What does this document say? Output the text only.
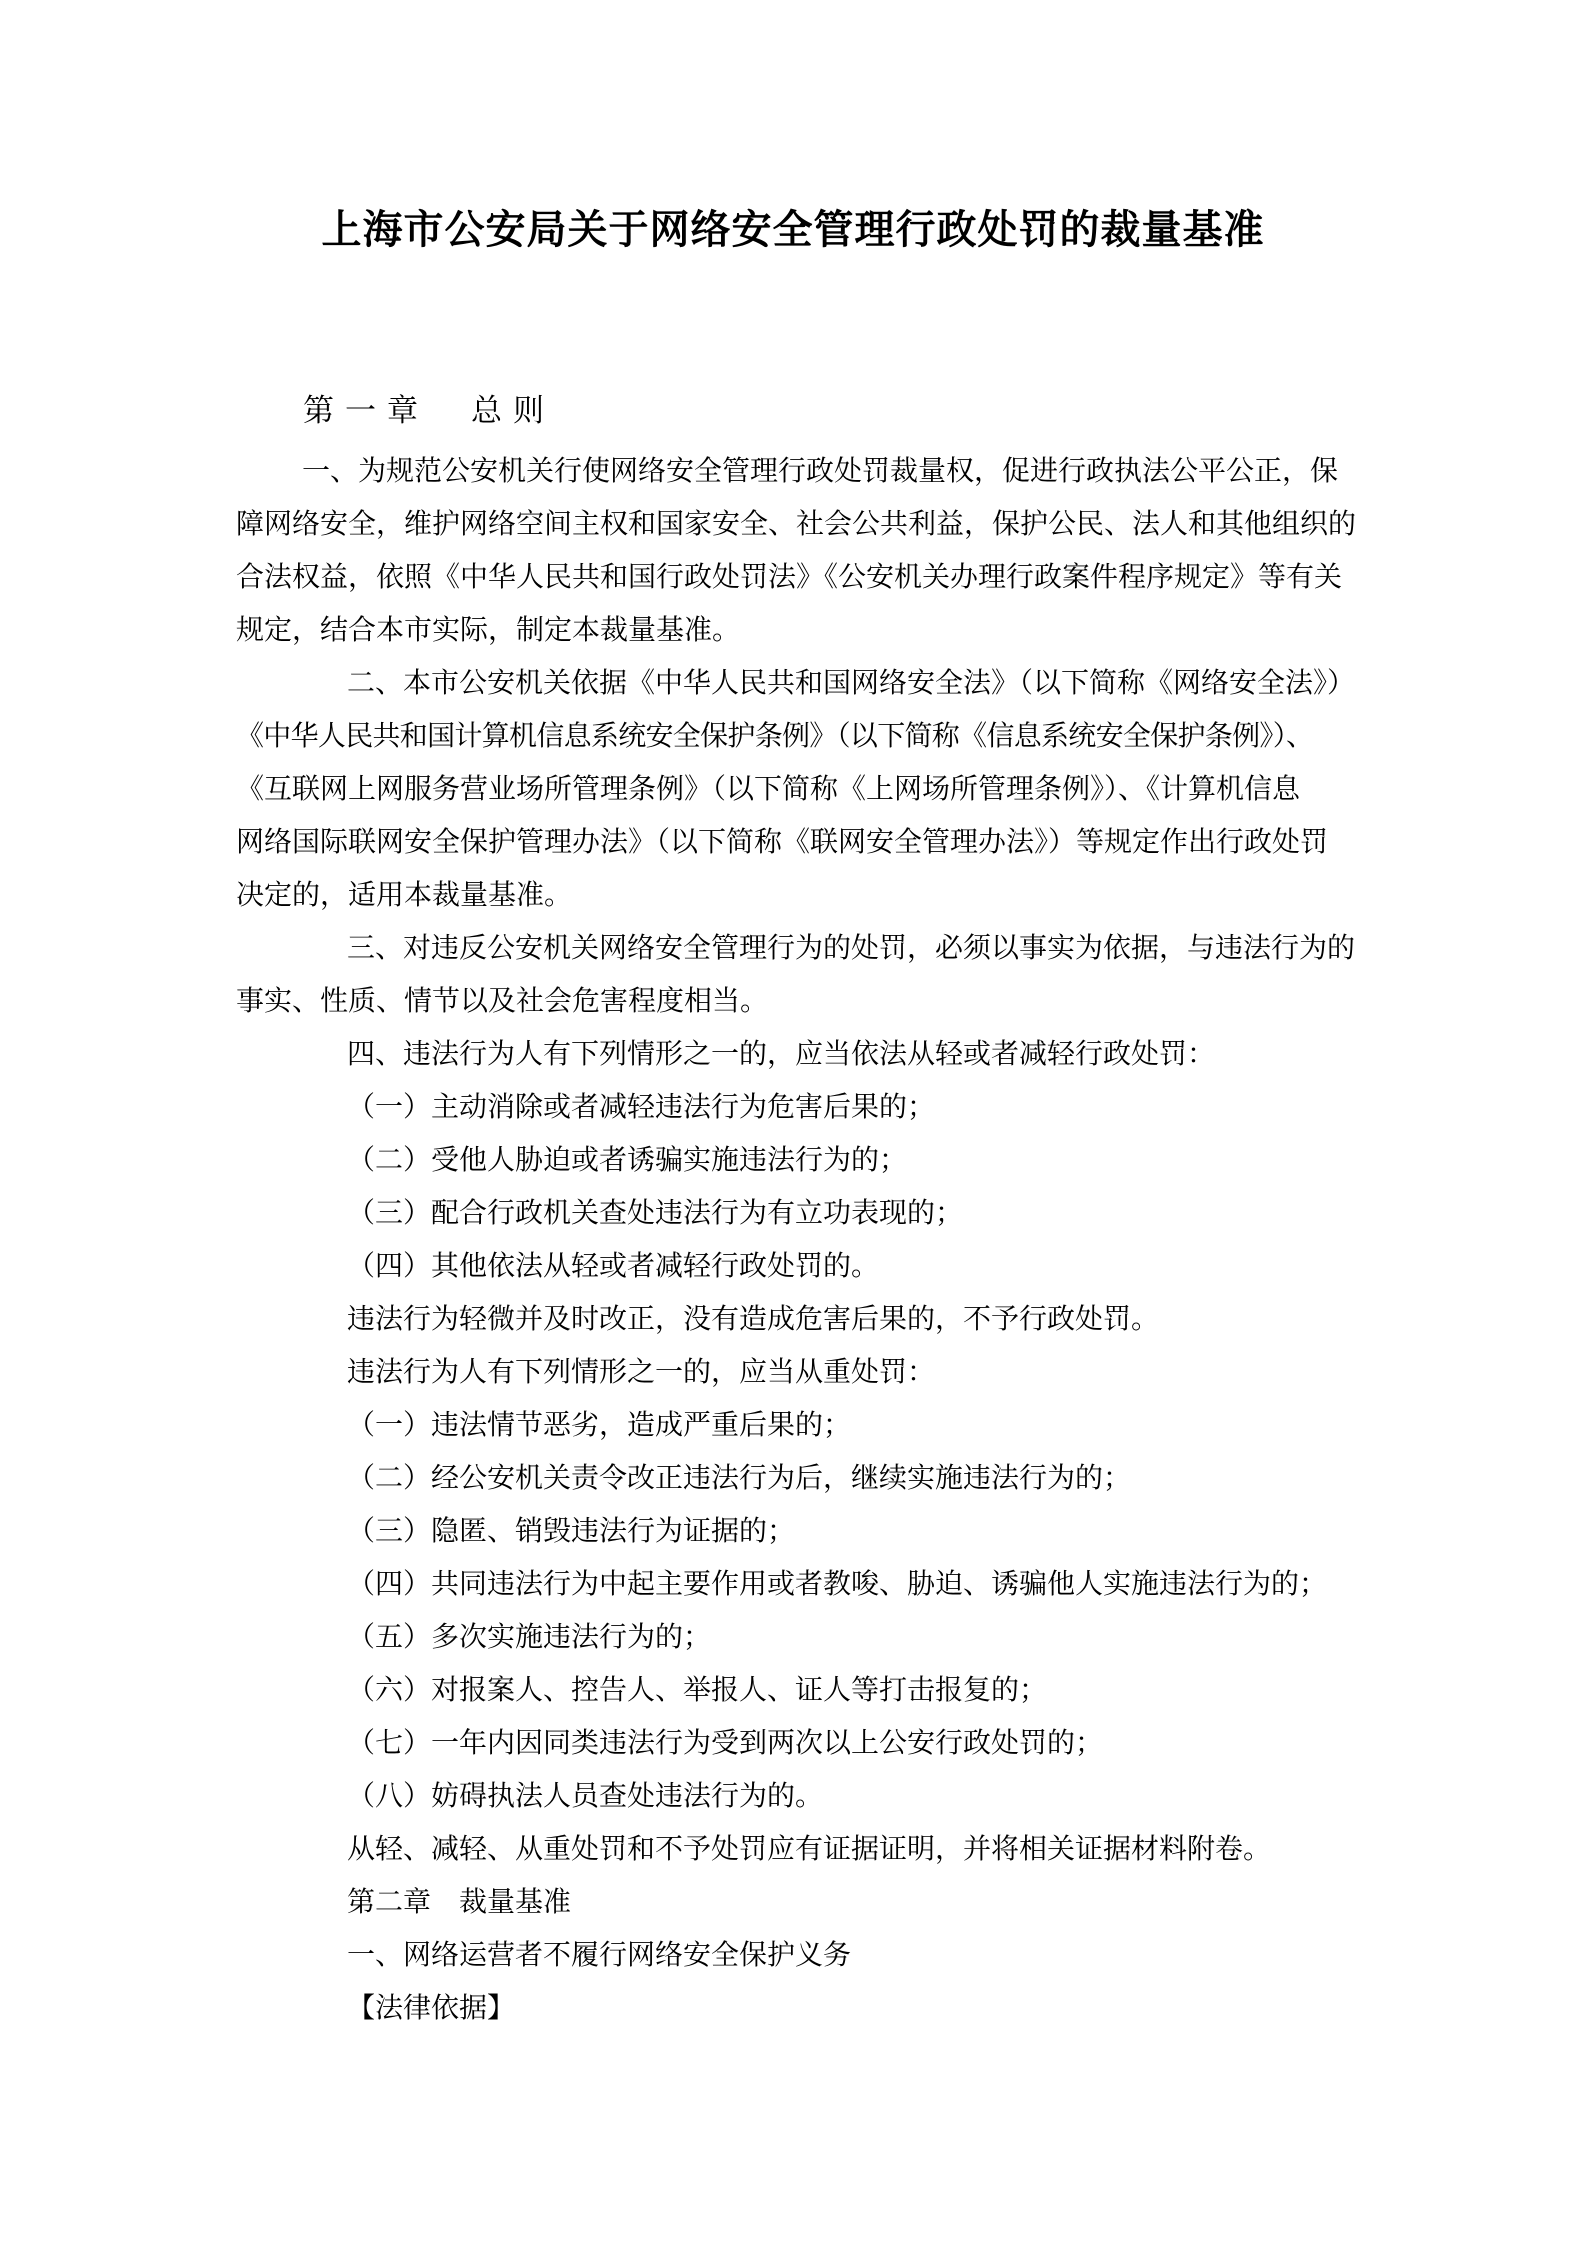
上海市公安局关于网络安全管理行政处罚的裁量基准
第一章　总则
一、为规范公安机关行使网络安全管理行政处罚裁量权，促进行政执法公平公正，保
障网络安全，维护网络空间主权和国家安全、社会公共利益，保护公民、法人和其他组织的
合法权益，依照《中华人民共和国行政处罚法》《公安机关办理行政案件程序规定》等有关
规定，结合本市实际，制定本裁量基准。
二、本市公安机关依据《中华人民共和国网络安全法》（以下简称《网络安全法》）
《中华人民共和国计算机信息系统安全保护条例》（以下简称《信息系统安全保护条例》）、
《互联网上网服务营业场所管理条例》（以下简称《上网场所管理条例》）、《计算机信息
网络国际联网安全保护管理办法》（以下简称《联网安全管理办法》）等规定作出行政处罚
决定的，适用本裁量基准。
三、对违反公安机关网络安全管理行为的处罚，必须以事实为依据，与违法行为的
事实、性质、情节以及社会危害程度相当。
四、违法行为人有下列情形之一的，应当依法从轻或者减轻行政处罚：
（一）主动消除或者减轻违法行为危害后果的；
（二）受他人胁迫或者诱骗实施违法行为的；
（三）配合行政机关查处违法行为有立功表现的；
（四）其他依法从轻或者减轻行政处罚的。
违法行为轻微并及时改正，没有造成危害后果的，不予行政处罚。
违法行为人有下列情形之一的，应当从重处罚：
（一）违法情节恶劣，造成严重后果的；
（二）经公安机关责令改正违法行为后，继续实施违法行为的；
（三）隐匿、销毁违法行为证据的；
（四）共同违法行为中起主要作用或者教唆、胁迫、诱骗他人实施违法行为的；
（五）多次实施违法行为的；
（六）对报案人、控告人、举报人、证人等打击报复的；
（七）一年内因同类违法行为受到两次以上公安行政处罚的；
（八）妨碍执法人员查处违法行为的。
从轻、减轻、从重处罚和不予处罚应有证据证明，并将相关证据材料附卷。
第二章　裁量基准
一、网络运营者不履行网络安全保护义务
【法律依据】
